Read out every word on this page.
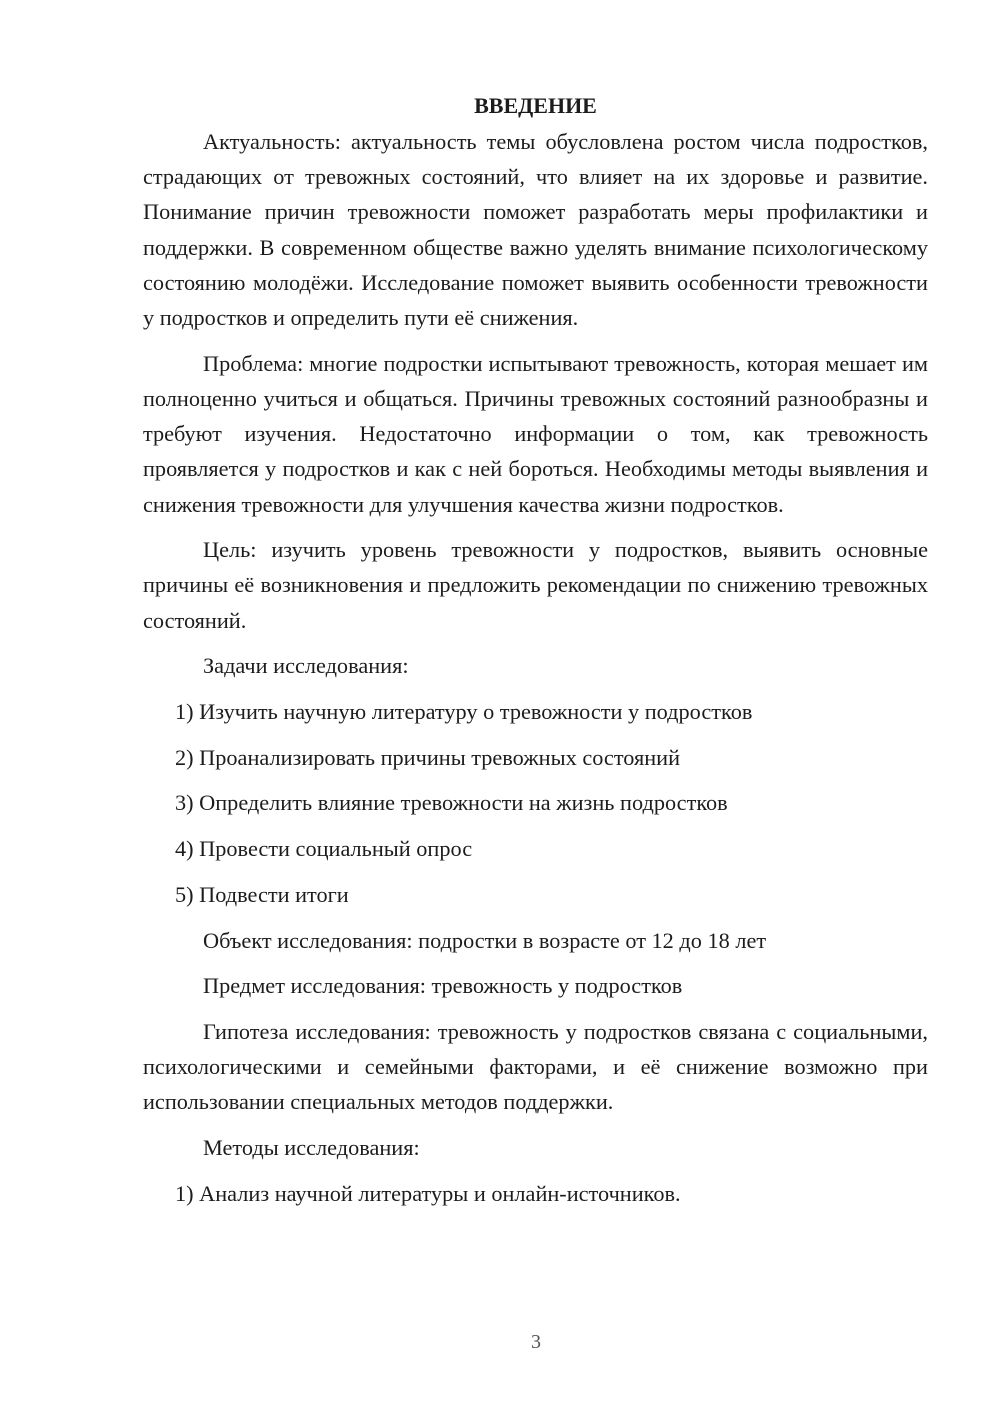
ВВЕДЕНИЕ

Актуальность: актуальность темы обусловлена ростом числа подростков, страдающих от тревожных состояний, что влияет на их здоровье и развитие. Понимание причин тревожности поможет разработать меры профилактики и поддержки. В современном обществе важно уделять внимание психологическому состоянию молодёжи. Исследование поможет выявить особенности тревожности у подростков и определить пути её снижения.

Проблема: многие подростки испытывают тревожность, которая мешает им полноценно учиться и общаться. Причины тревожных состояний разнообразны и требуют изучения. Недостаточно информации о том, как тревожность проявляется у подростков и как с ней бороться. Необходимы методы выявления и снижения тревожности для улучшения качества жизни подростков.

Цель: изучить уровень тревожности у подростков, выявить основные причины её возникновения и предложить рекомендации по снижению тревожных состояний.

Задачи исследования:

1) Изучить научную литературу о тревожности у подростков

2) Проанализировать причины тревожных состояний

3) Определить влияние тревожности на жизнь подростков

4) Провести социальный опрос

5) Подвести итоги

Объект исследования: подростки в возрасте от 12 до 18 лет

Предмет исследования: тревожность у подростков

Гипотеза исследования: тревожность у подростков связана с социальными, психологическими и семейными факторами, и её снижение возможно при использовании специальных методов поддержки.

Методы исследования:

1) Анализ научной литературы и онлайн-источников.

3
